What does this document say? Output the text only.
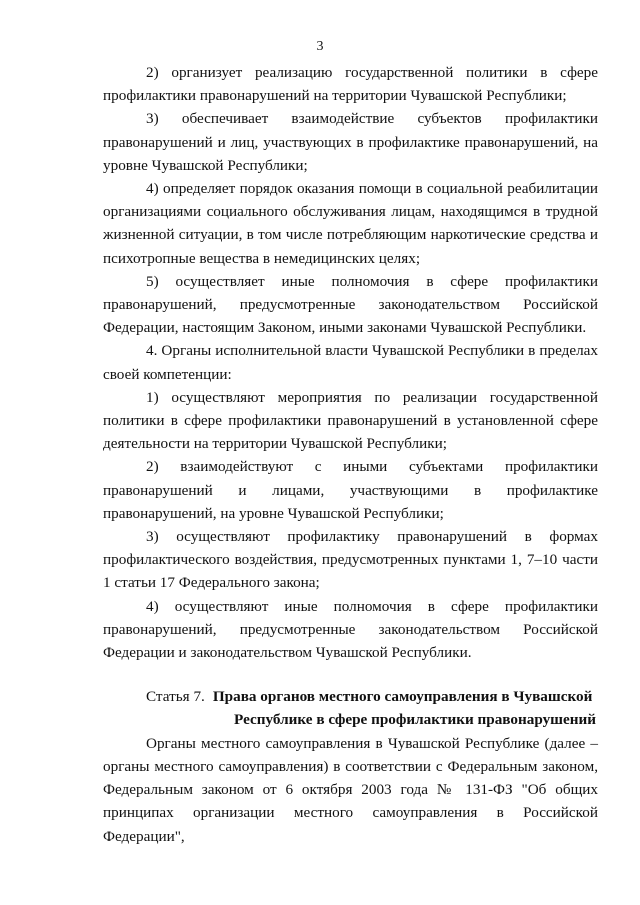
3

2) организует реализацию государственной политики в сфере профилактики правонарушений на территории Чувашской Республики;

3) обеспечивает взаимодействие субъектов профилактики правонарушений и лиц, участвующих в профилактике правонарушений, на уровне Чувашской Республики;

4) определяет порядок оказания помощи в социальной реабилитации организациями социального обслуживания лицам, находящимся в трудной жизненной ситуации, в том числе потребляющим наркотические средства и психотропные вещества в немедицинских целях;

5) осуществляет иные полномочия в сфере профилактики правонарушений, предусмотренные законодательством Российской Федерации, настоящим Законом, иными законами Чувашской Республики.

4. Органы исполнительной власти Чувашской Республики в пределах своей компетенции:

1) осуществляют мероприятия по реализации государственной политики в сфере профилактики правонарушений в установленной сфере деятельности на территории Чувашской Республики;

2) взаимодействуют с иными субъектами профилактики правонарушений и лицами, участвующими в профилактике правонарушений, на уровне Чувашской Республики;

3) осуществляют профилактику правонарушений в формах профилактического воздействия, предусмотренных пунктами 1, 7–10 части 1 статьи 17 Федерального закона;

4) осуществляют иные полномочия в сфере профилактики правонарушений, предусмотренные законодательством Российской Федерации и законодательством Чувашской Республики.

Статья 7. Права органов местного самоуправления в Чувашской
Республике в сфере профилактики правонарушений

Органы местного самоуправления в Чувашской Республике (далее – органы местного самоуправления) в соответствии с Федеральным законом, Федеральным законом от 6 октября 2003 года № 131-ФЗ "Об общих принципах организации местного самоуправления в Российской Федерации",
